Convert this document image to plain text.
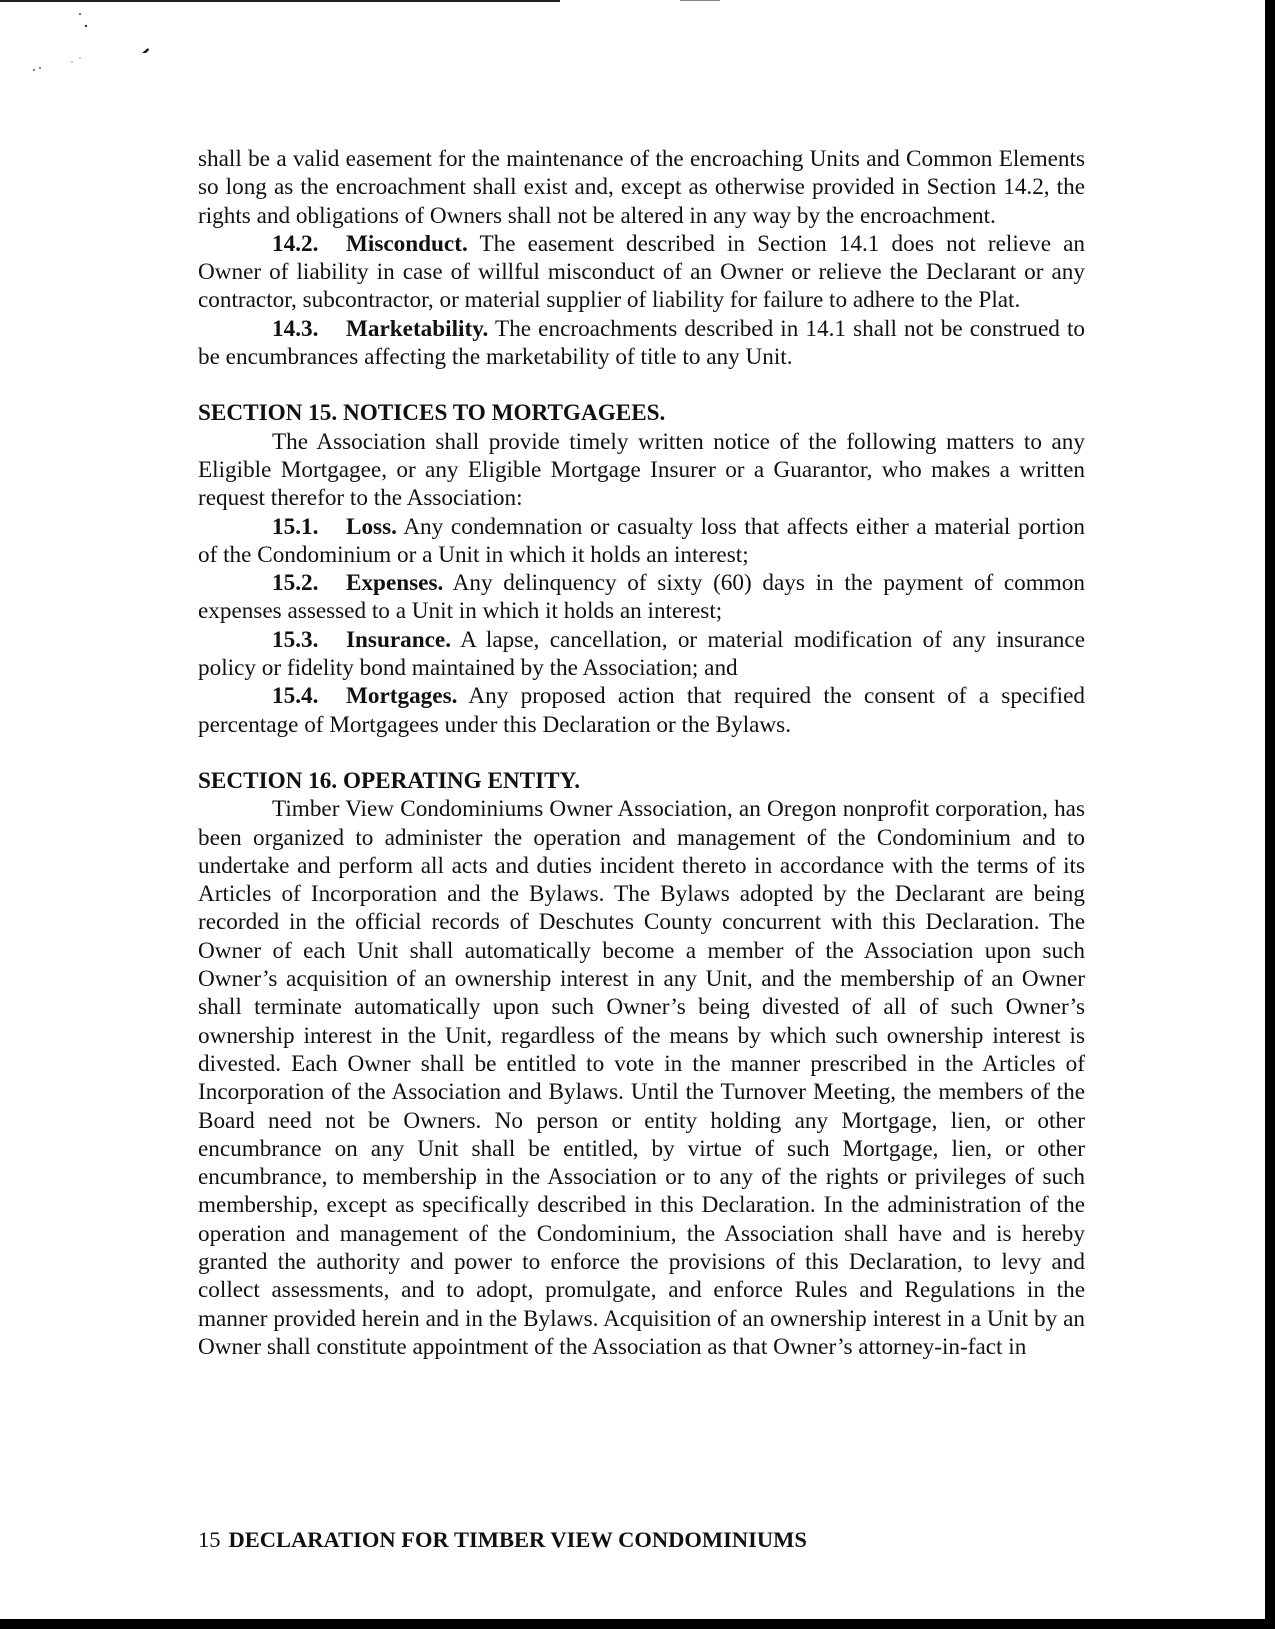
shall be a valid easement for the maintenance of the encroaching Units and Common Elements so long as the encroachment shall exist and, except as otherwise provided in Section 14.2, the rights and obligations of Owners shall not be altered in any way by the encroachment.

14.2. Misconduct. The easement described in Section 14.1 does not relieve an Owner of liability in case of willful misconduct of an Owner or relieve the Declarant or any contractor, subcontractor, or material supplier of liability for failure to adhere to the Plat.

14.3. Marketability. The encroachments described in 14.1 shall not be construed to be encumbrances affecting the marketability of title to any Unit.

SECTION 15. NOTICES TO MORTGAGEES.

The Association shall provide timely written notice of the following matters to any Eligible Mortgagee, or any Eligible Mortgage Insurer or a Guarantor, who makes a written request therefor to the Association:

15.1. Loss. Any condemnation or casualty loss that affects either a material portion of the Condominium or a Unit in which it holds an interest;

15.2. Expenses. Any delinquency of sixty (60) days in the payment of common expenses assessed to a Unit in which it holds an interest;

15.3. Insurance. A lapse, cancellation, or material modification of any insurance policy or fidelity bond maintained by the Association; and

15.4. Mortgages. Any proposed action that required the consent of a specified percentage of Mortgagees under this Declaration or the Bylaws.

SECTION 16. OPERATING ENTITY.

Timber View Condominiums Owner Association, an Oregon nonprofit corporation, has been organized to administer the operation and management of the Condominium and to undertake and perform all acts and duties incident thereto in accordance with the terms of its Articles of Incorporation and the Bylaws. The Bylaws adopted by the Declarant are being recorded in the official records of Deschutes County concurrent with this Declaration. The Owner of each Unit shall automatically become a member of the Association upon such Owner’s acquisition of an ownership interest in any Unit, and the membership of an Owner shall terminate automatically upon such Owner’s being divested of all of such Owner’s ownership interest in the Unit, regardless of the means by which such ownership interest is divested. Each Owner shall be entitled to vote in the manner prescribed in the Articles of Incorporation of the Association and Bylaws. Until the Turnover Meeting, the members of the Board need not be Owners. No person or entity holding any Mortgage, lien, or other encumbrance on any Unit shall be entitled, by virtue of such Mortgage, lien, or other encumbrance, to membership in the Association or to any of the rights or privileges of such membership, except as specifically described in this Declaration. In the administration of the operation and management of the Condominium, the Association shall have and is hereby granted the authority and power to enforce the provisions of this Declaration, to levy and collect assessments, and to adopt, promulgate, and enforce Rules and Regulations in the manner provided herein and in the Bylaws. Acquisition of an ownership interest in a Unit by an Owner shall constitute appointment of the Association as that Owner’s attorney-in-fact in

15 DECLARATION FOR TIMBER VIEW CONDOMINIUMS
